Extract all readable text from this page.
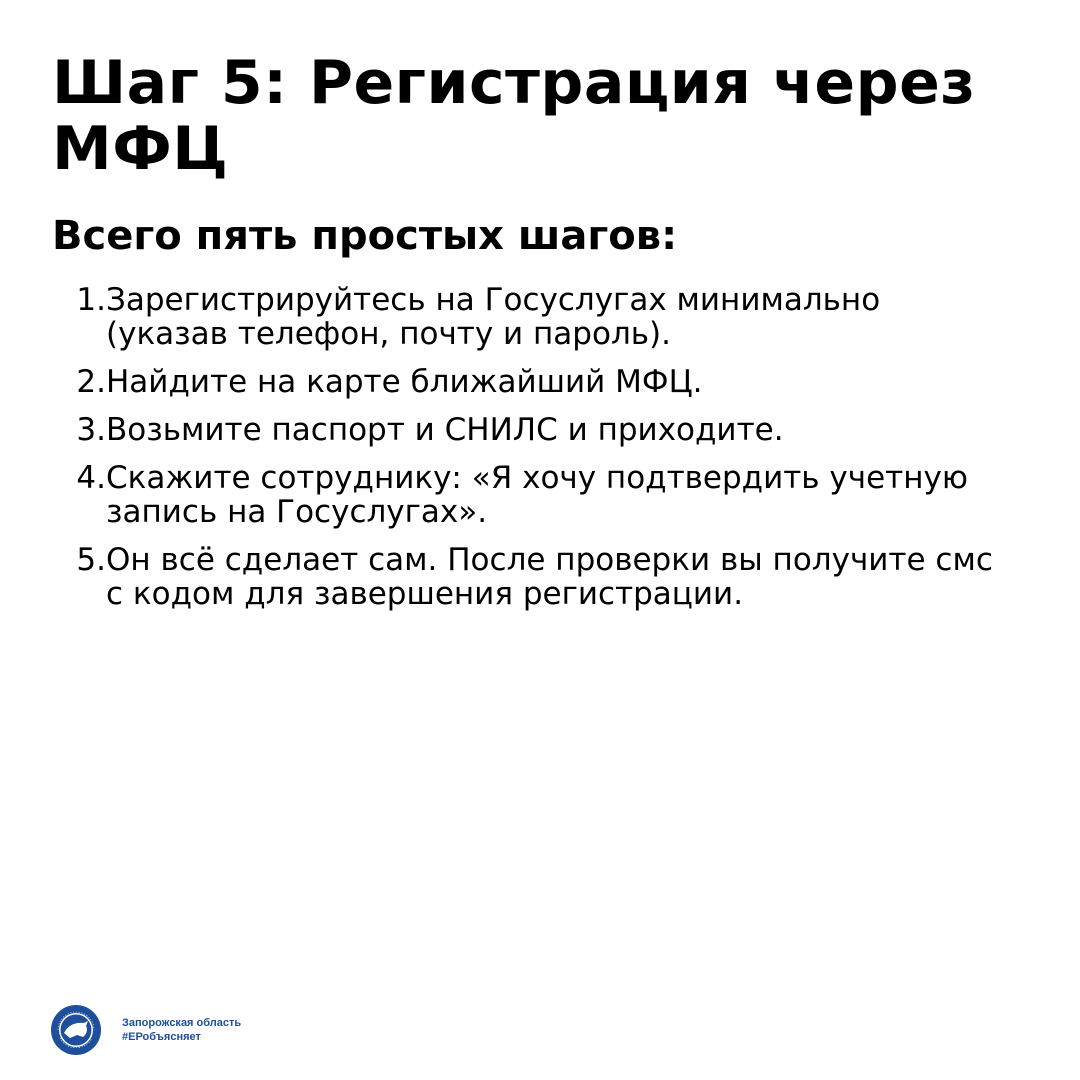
Шаг 5: Регистрация через МФЦ
Всего пять простых шагов:
1. Зарегистрируйтесь на Госуслугах минимально (указав телефон, почту и пароль).
2. Найдите на карте ближайший МФЦ.
3. Возьмите паспорт и СНИЛС и приходите.
4. Скажите сотруднику: «Я хочу подтвердить учетную запись на Госуслугах».
5. Он всё сделает сам. После проверки вы получите смс с кодом для завершения регистрации.
Запорожская область
#ЕРобъясняет
